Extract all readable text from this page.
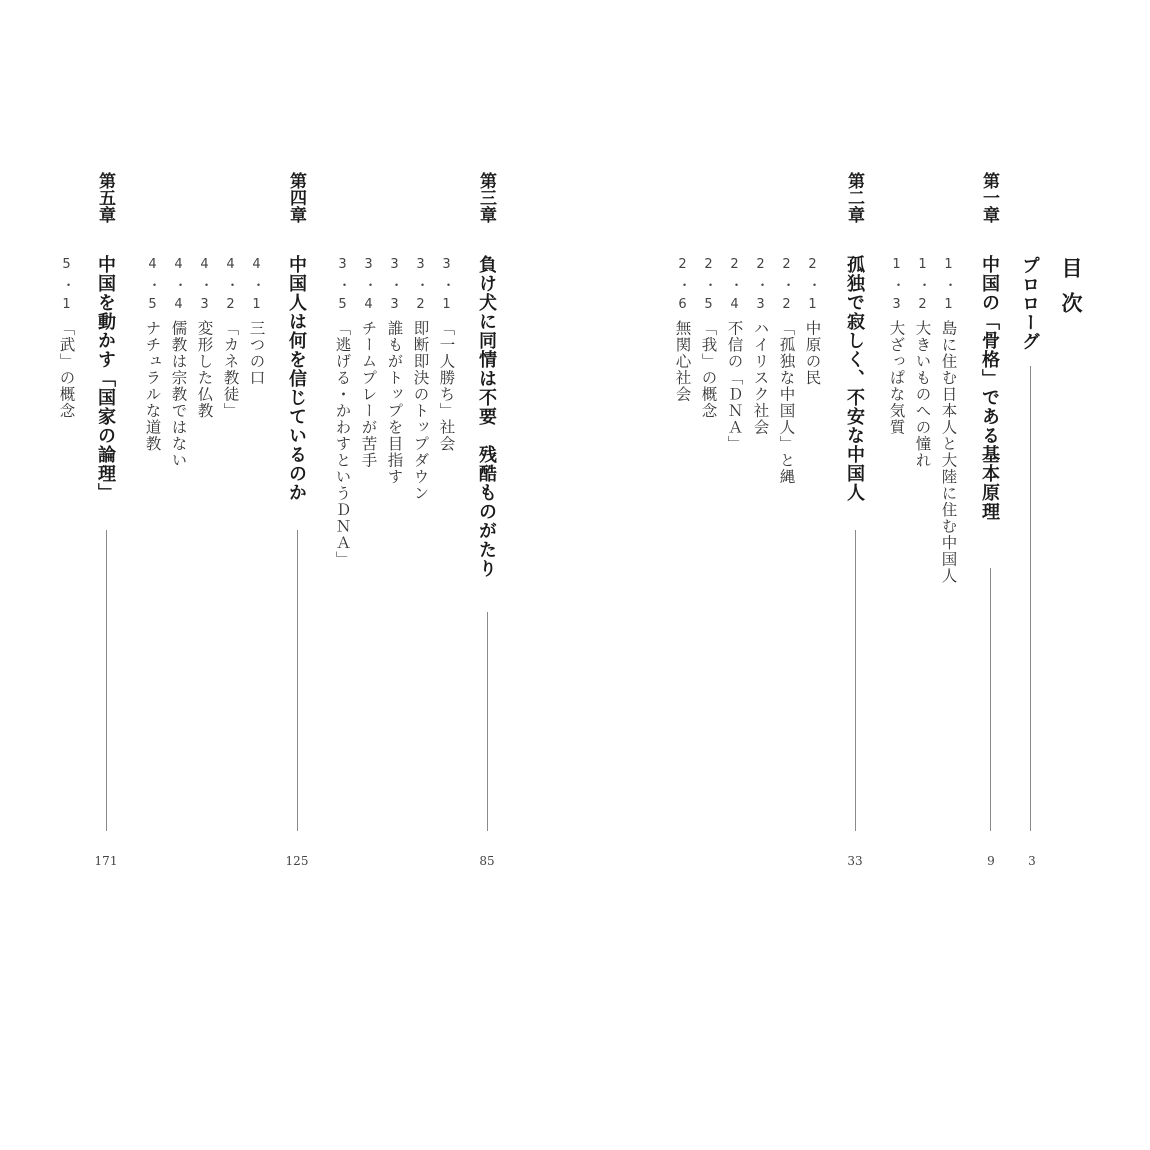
目次
プロローグ
3
第一章
中国の「骨格」である基本原理
9
1・1
島に住む日本人と大陸に住む中国人
1・2
大きいものへの憧れ
1・3
大ざっぱな気質
第二章
孤独で寂しく、不安な中国人
33
2・1
中原の民
2・2
「孤独な中国人」と縄
2・3
ハイリスク社会
2・4
不信の「ＤＮＡ」
2・5
「我」の概念
2・6
無関心社会
第三章
負け犬に同情は不要　残酷ものがたり
85
3・1
「一人勝ち」社会
3・2
即断即決のトップダウン
3・3
誰もがトップを目指す
3・4
チームプレーが苦手
3・5
「逃げる・かわすというＤＮＡ」
第四章
中国人は何を信じているのか
125
4・1
三つの口
4・2
「カネ教徒」
4・3
変形した仏教
4・4
儒教は宗教ではない
4・5
ナチュラルな道教
第五章
中国を動かす「国家の論理」
171
5・1
「武」の概念
